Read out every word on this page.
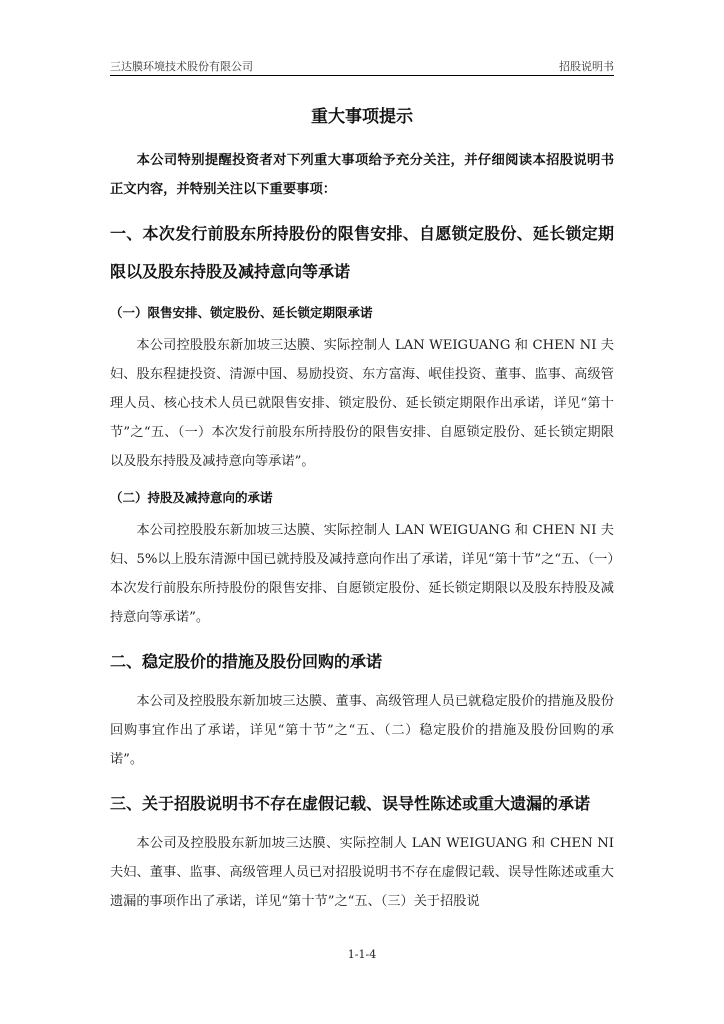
三达膜环境技术股份有限公司	招股说明书
重大事项提示

本公司特别提醒投资者对下列重大事项给予充分关注，并仔细阅读本招股说明书正文内容，并特别关注以下重要事项：

一、本次发行前股东所持股份的限售安排、自愿锁定股份、延长锁定期限以及股东持股及减持意向等承诺
（一）限售安排、锁定股份、延长锁定期限承诺

本公司控股股东新加坡三达膜、实际控制人 LAN WEIGUANG 和 CHEN NI 夫妇、股东程捷投资、清源中国、易励投资、东方富海、岷佳投资、董事、监事、高级管理人员、核心技术人员已就限售安排、锁定股份、延长锁定期限作出承诺，详见“第十节”之“五、（一）本次发行前股东所持股份的限售安排、自愿锁定股份、延长锁定期限以及股东持股及减持意向等承诺”。

（二）持股及减持意向的承诺

本公司控股股东新加坡三达膜、实际控制人 LAN WEIGUANG 和 CHEN NI 夫妇、5%以上股东清源中国已就持股及减持意向作出了承诺，详见“第十节”之“五、（一）本次发行前股东所持股份的限售安排、自愿锁定股份、延长锁定期限以及股东持股及减持意向等承诺”。

二、稳定股价的措施及股份回购的承诺

本公司及控股股东新加坡三达膜、董事、高级管理人员已就稳定股价的措施及股份回购事宜作出了承诺，详见“第十节”之“五、（二）稳定股价的措施及股份回购的承诺”。

三、关于招股说明书不存在虚假记载、误导性陈述或重大遗漏的承诺

本公司及控股股东新加坡三达膜、实际控制人 LAN WEIGUANG 和 CHEN NI 夫妇、董事、监事、高级管理人员已对招股说明书不存在虚假记载、误导性陈述或重大遗漏的事项作出了承诺，详见“第十节”之“五、（三）关于招股说

1-1-4
